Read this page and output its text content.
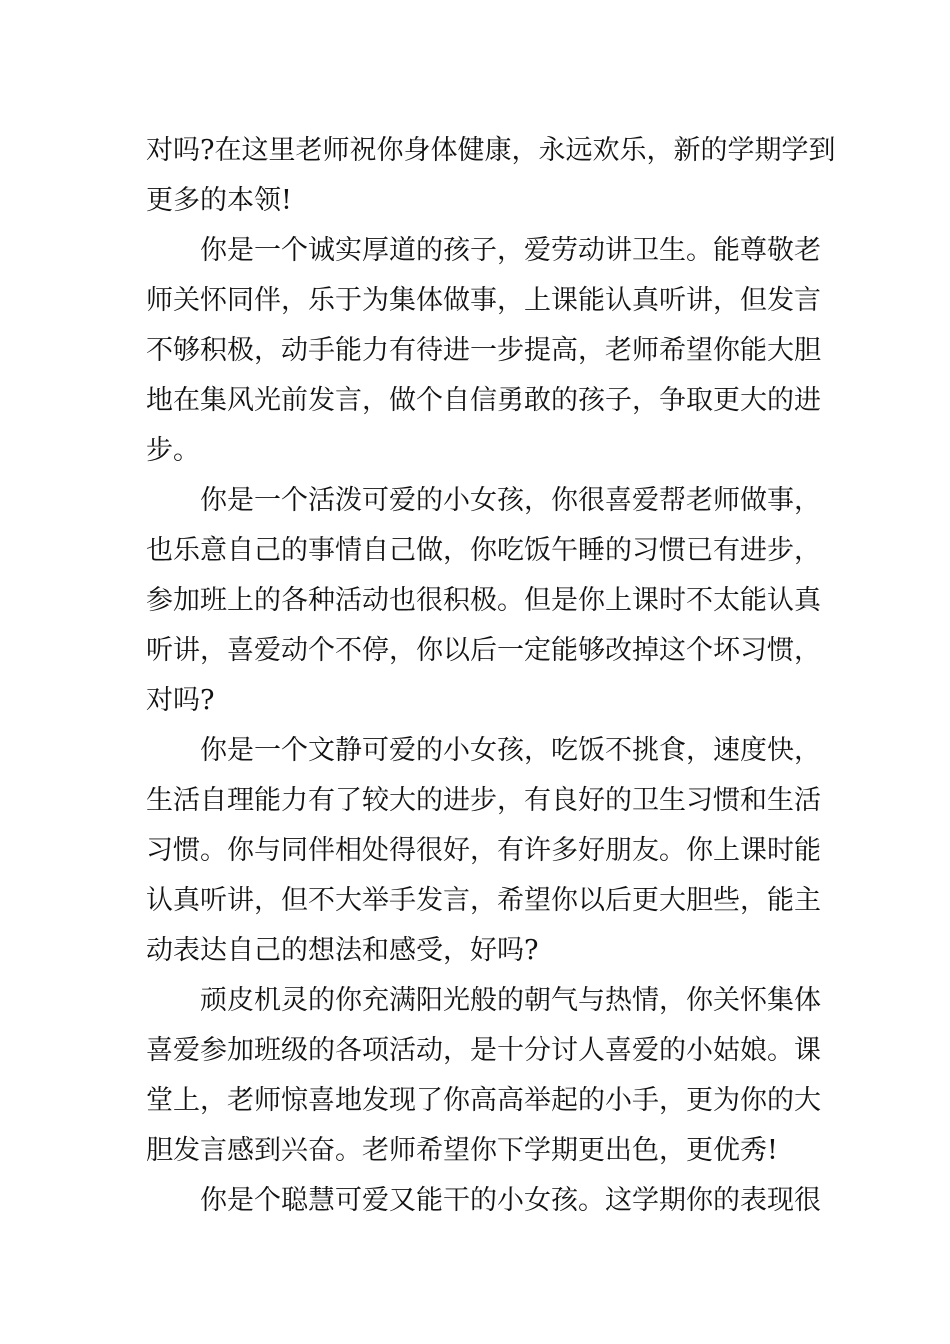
对吗?在这里老师祝你身体健康，永远欢乐，新的学期学到
更多的本领!
你是一个诚实厚道的孩子，爱劳动讲卫生。能尊敬老
师关怀同伴，乐于为集体做事，上课能认真听讲，但发言
不够积极，动手能力有待进一步提高，老师希望你能大胆
地在集风光前发言，做个自信勇敢的孩子，争取更大的进
步。
你是一个活泼可爱的小女孩，你很喜爱帮老师做事，
也乐意自己的事情自己做，你吃饭午睡的习惯已有进步，
参加班上的各种活动也很积极。但是你上课时不太能认真
听讲，喜爱动个不停，你以后一定能够改掉这个坏习惯，
对吗?
你是一个文静可爱的小女孩，吃饭不挑食，速度快，
生活自理能力有了较大的进步，有良好的卫生习惯和生活
习惯。你与同伴相处得很好，有许多好朋友。你上课时能
认真听讲，但不大举手发言，希望你以后更大胆些，能主
动表达自己的想法和感受，好吗?
顽皮机灵的你充满阳光般的朝气与热情，你关怀集体
喜爱参加班级的各项活动，是十分讨人喜爱的小姑娘。课
堂上，老师惊喜地发现了你高高举起的小手，更为你的大
胆发言感到兴奋。老师希望你下学期更出色，更优秀!
你是个聪慧可爱又能干的小女孩。这学期你的表现很
